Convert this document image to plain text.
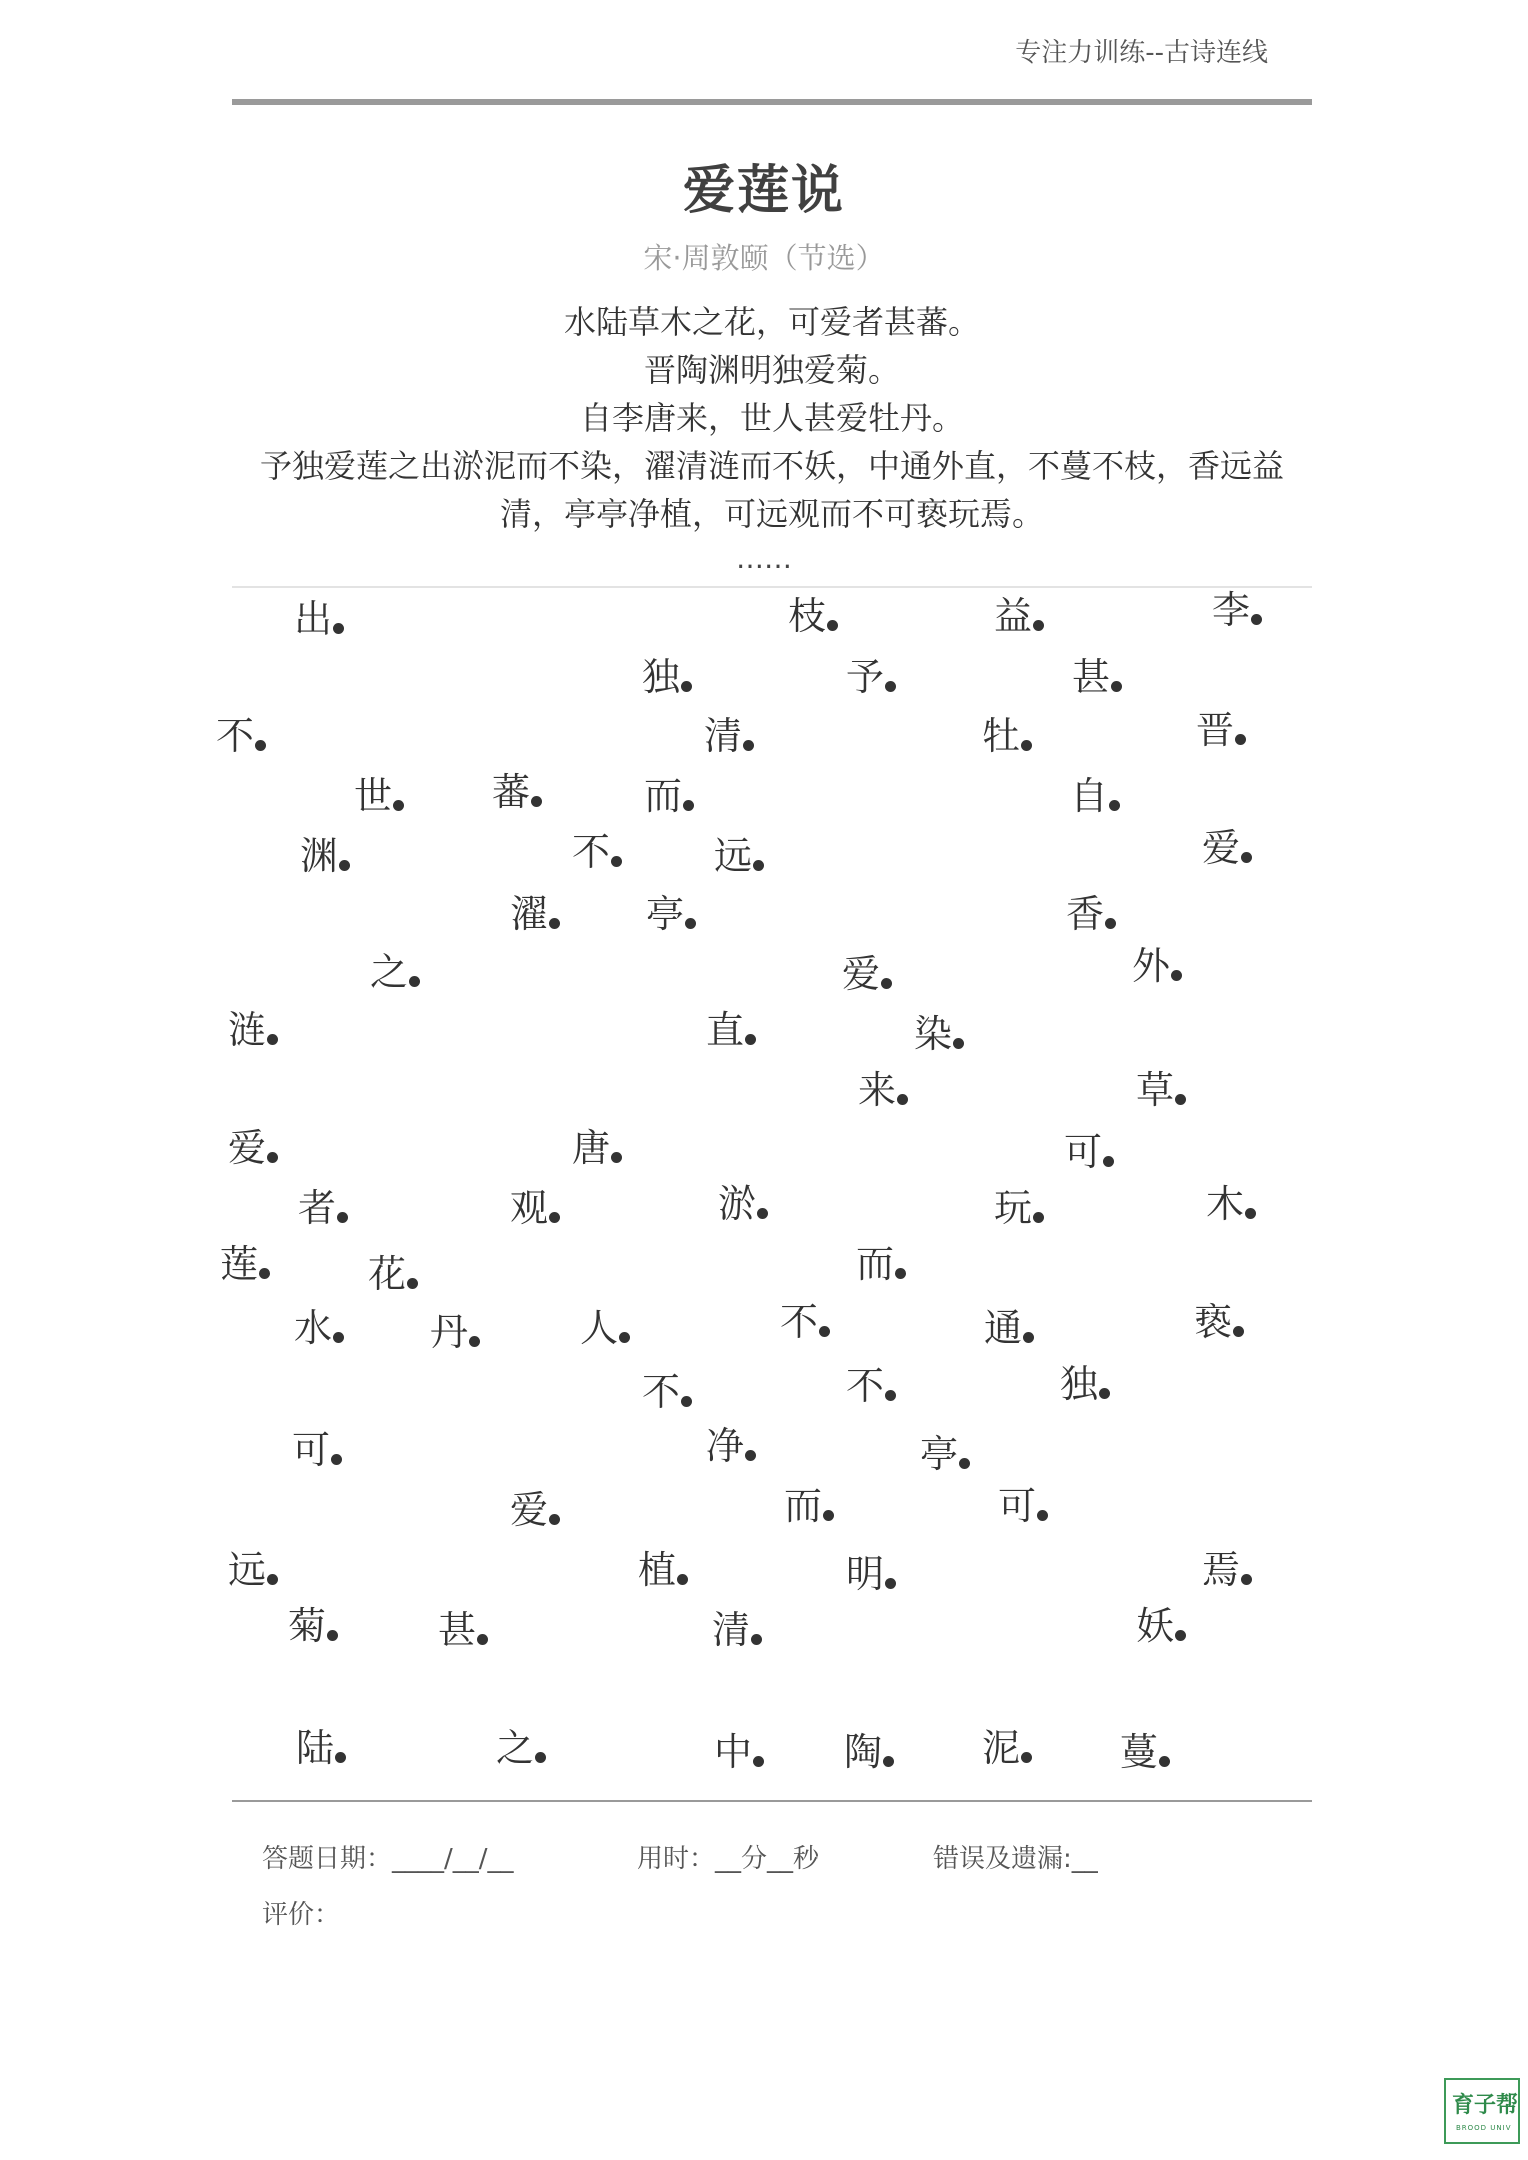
专注力训练--古诗连线
爱莲说
宋·周敦颐（节选）
水陆草木之花，可爱者甚蕃。
晋陶渊明独爱菊。
自李唐来，世人甚爱牡丹。
予独爱莲之出淤泥而不染，濯清涟而不妖，中通外直，不蔓不枝，香远益清，亭亭净植，可远观而不可亵玩焉。
……
出	枝	益	李
独	予	甚
不	清	牡	晋
世	蕃	而	自
渊	不	远	爱
濯	亭	香
之	爱	外
涟	直	染
来	草
爱	唐	可
者	观	淤	玩	木
莲	花	而
水	丹	人	不	通	亵
不	不	独
可	净	亭
爱	而	可
远	植	明	焉
菊	甚	清	妖
陆	之	中	陶	泥	蔓
答题日期：____/__/__	用时：__分__秒	错误及遗漏:__
评价：
育子帮
BROOD UNIV
